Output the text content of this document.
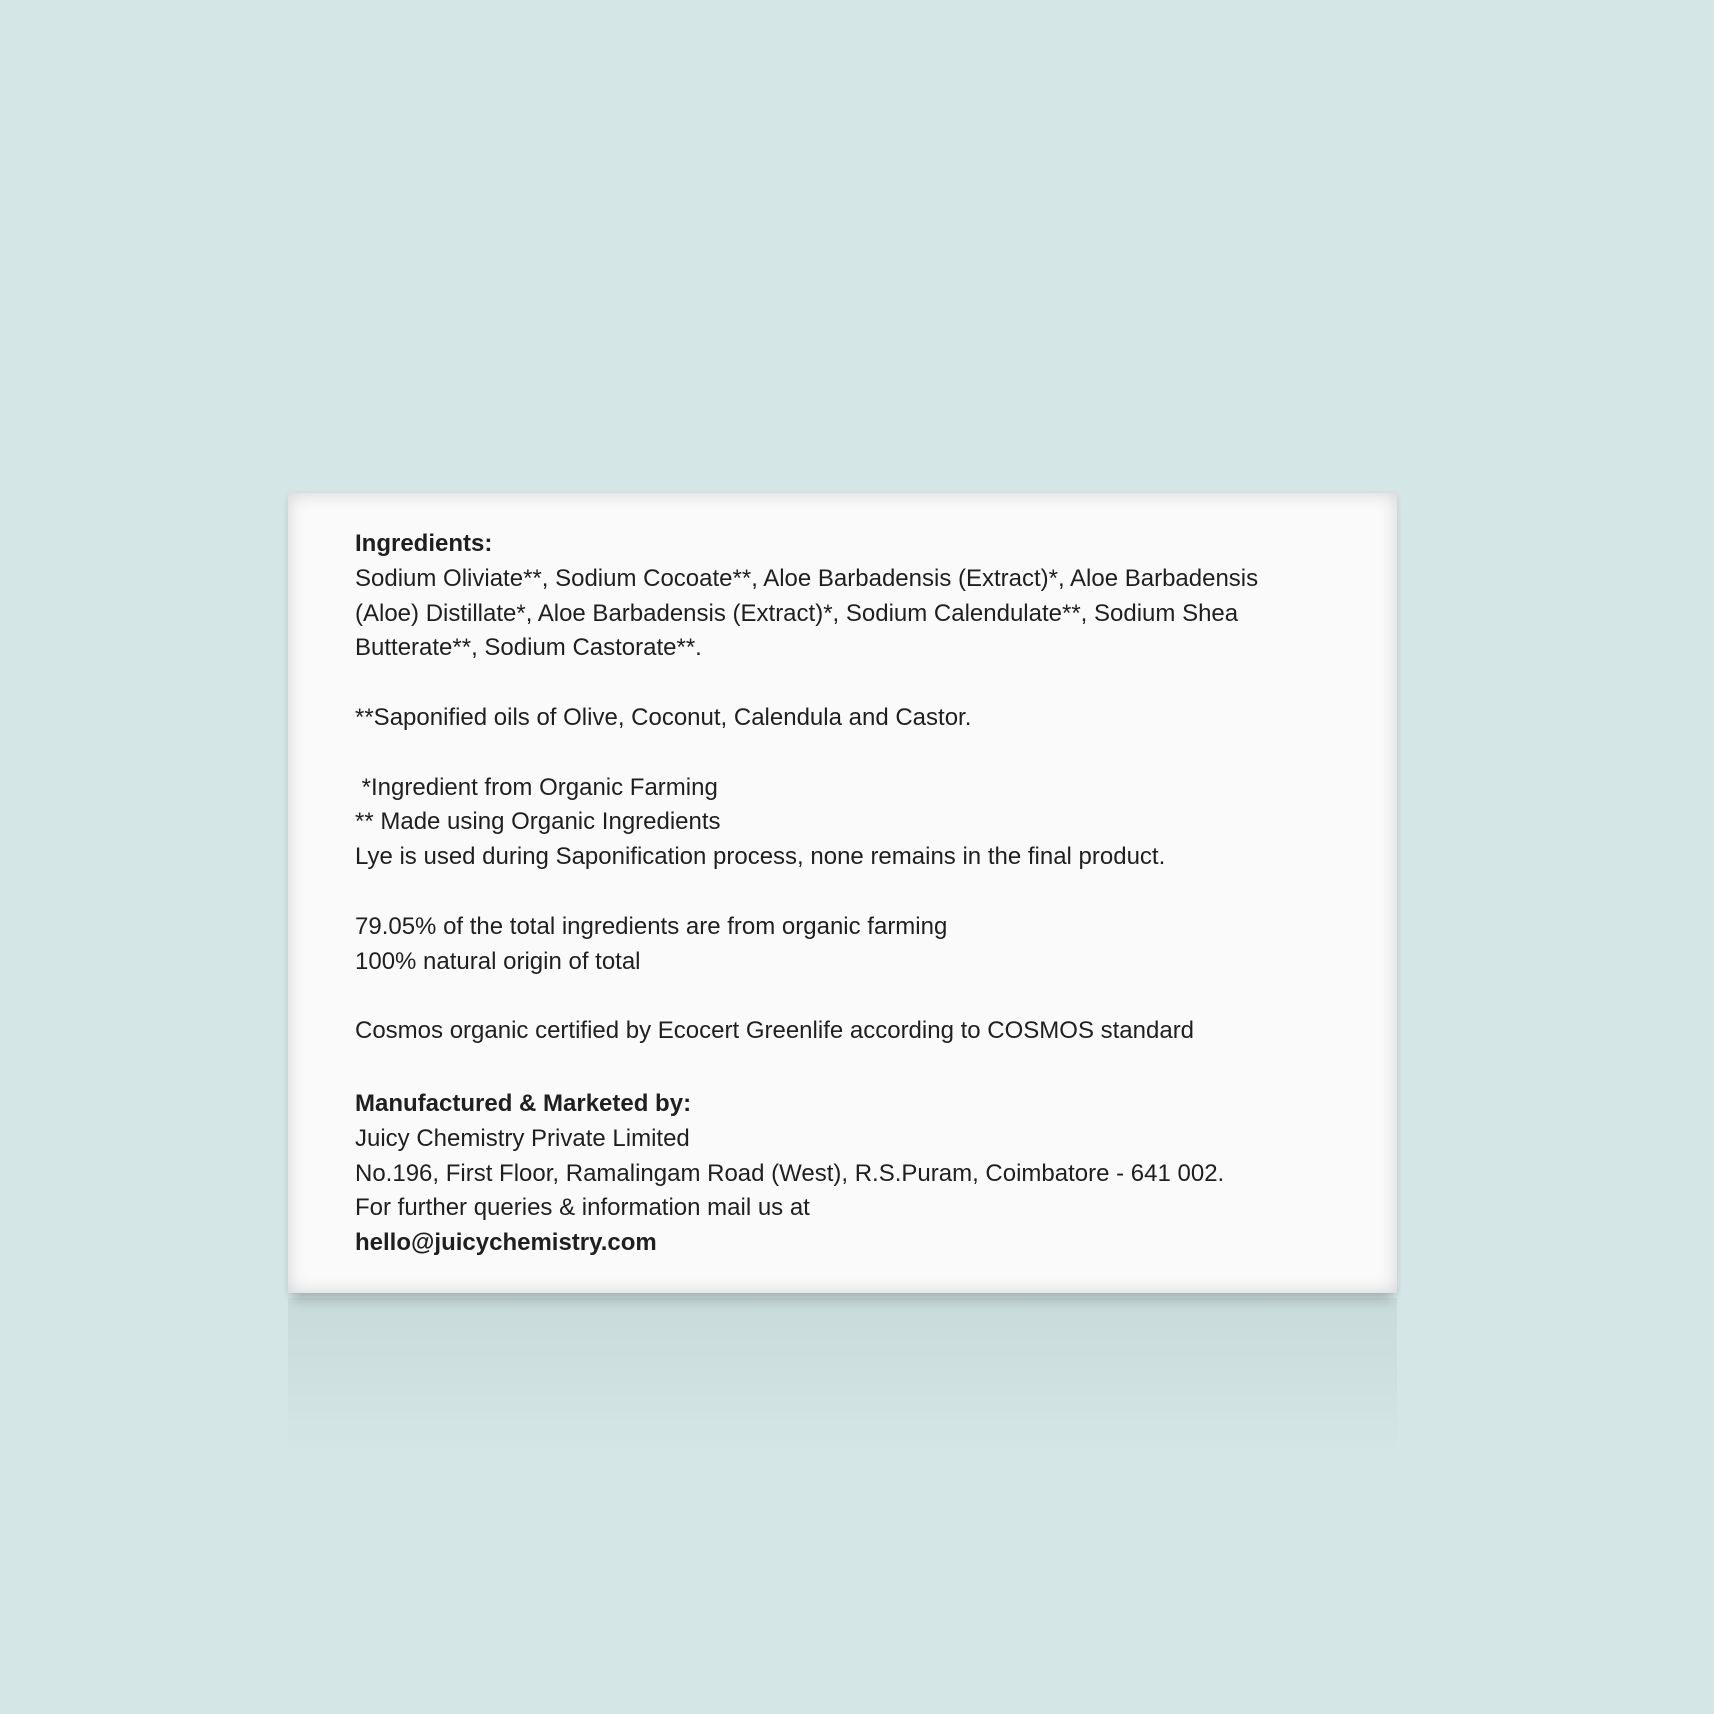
Ingredients:

Sodium Oliviate**, Sodium Cocoate**, Aloe Barbadensis (Extract)*, Aloe Barbadensis

(Aloe) Distillate*, Aloe Barbadensis (Extract)*, Sodium Calendulate**, Sodium Shea

Butterate**, Sodium Castorate**.

**Saponified oils of Olive, Coconut, Calendula and Castor.

*Ingredient from Organic Farming

** Made using Organic Ingredients

Lye is used during Saponification process, none remains in the final product.

79.05% of the total ingredients are from organic farming

100% natural origin of total

Cosmos organic certified by Ecocert Greenlife according to COSMOS standard

Manufactured & Marketed by:

Juicy Chemistry Private Limited

No.196, First Floor, Ramalingam Road (West), R.S.Puram, Coimbatore - 641 002.

For further queries & information mail us at

hello@juicychemistry.com
